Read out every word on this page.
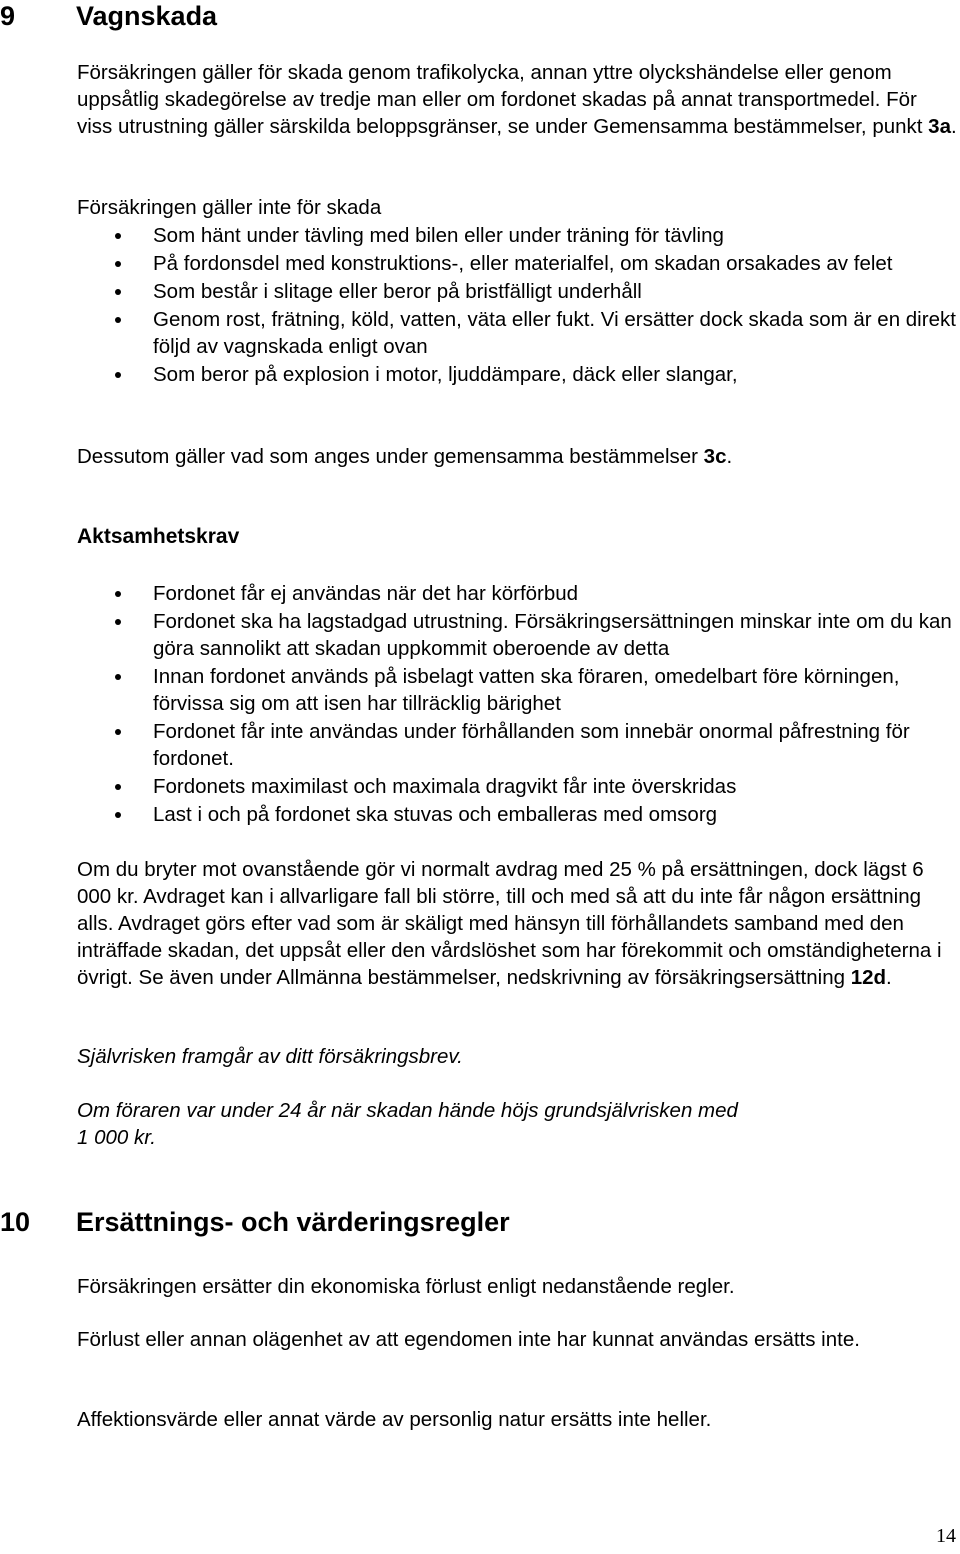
9 Vagnskada

Försäkringen gäller för skada genom trafikolycka, annan yttre olyckshändelse eller genom uppsåtlig skadegörelse av tredje man eller om fordonet skadas på annat transportmedel. För viss utrustning gäller särskilda beloppsgränser, se under Gemensamma bestämmelser, punkt 3a.

Försäkringen gäller inte för skada

Som hänt under tävling med bilen eller under träning för tävling
På fordonsdel med konstruktions-, eller materialfel, om skadan orsakades av felet
Som består i slitage eller beror på bristfälligt underhåll
Genom rost, frätning, köld, vatten, väta eller fukt. Vi ersätter dock skada som är en direkt följd av vagnskada enligt ovan
Som beror på explosion i motor, ljuddämpare, däck eller slangar,

Dessutom gäller vad som anges under gemensamma bestämmelser 3c.

Aktsamhetskrav
Fordonet får ej användas när det har körförbud
Fordonet ska ha lagstadgad utrustning. Försäkringsersättningen minskar inte om du kan göra sannolikt att skadan uppkommit oberoende av detta
Innan fordonet används på isbelagt vatten ska föraren, omedelbart före körningen, förvissa sig om att isen har tillräcklig bärighet
Fordonet får inte användas under förhållanden som innebär onormal påfrestning för fordonet.
Fordonets maximilast och maximala dragvikt får inte överskridas
Last i och på fordonet ska stuvas och emballeras med omsorg

Om du bryter mot ovanstående gör vi normalt avdrag med 25 % på ersättningen, dock lägst 6 000 kr. Avdraget kan i allvarligare fall bli större, till och med så att du inte får någon ersättning alls. Avdraget görs efter vad som är skäligt med hänsyn till förhållandets samband med den inträffade skadan, det uppsåt eller den vårdslöshet som har förekommit och omständigheterna i övrigt. Se även under Allmänna bestämmelser, nedskrivning av försäkringsersättning 12d.

Självrisken framgår av ditt försäkringsbrev.

Om föraren var under 24 år när skadan hände höjs grundsjälvrisken med
1 000 kr.

10 Ersättnings- och värderingsregler

Försäkringen ersätter din ekonomiska förlust enligt nedanstående regler.

Förlust eller annan olägenhet av att egendomen inte har kunnat användas ersätts inte.

Affektionsvärde eller annat värde av personlig natur ersätts inte heller.

14
